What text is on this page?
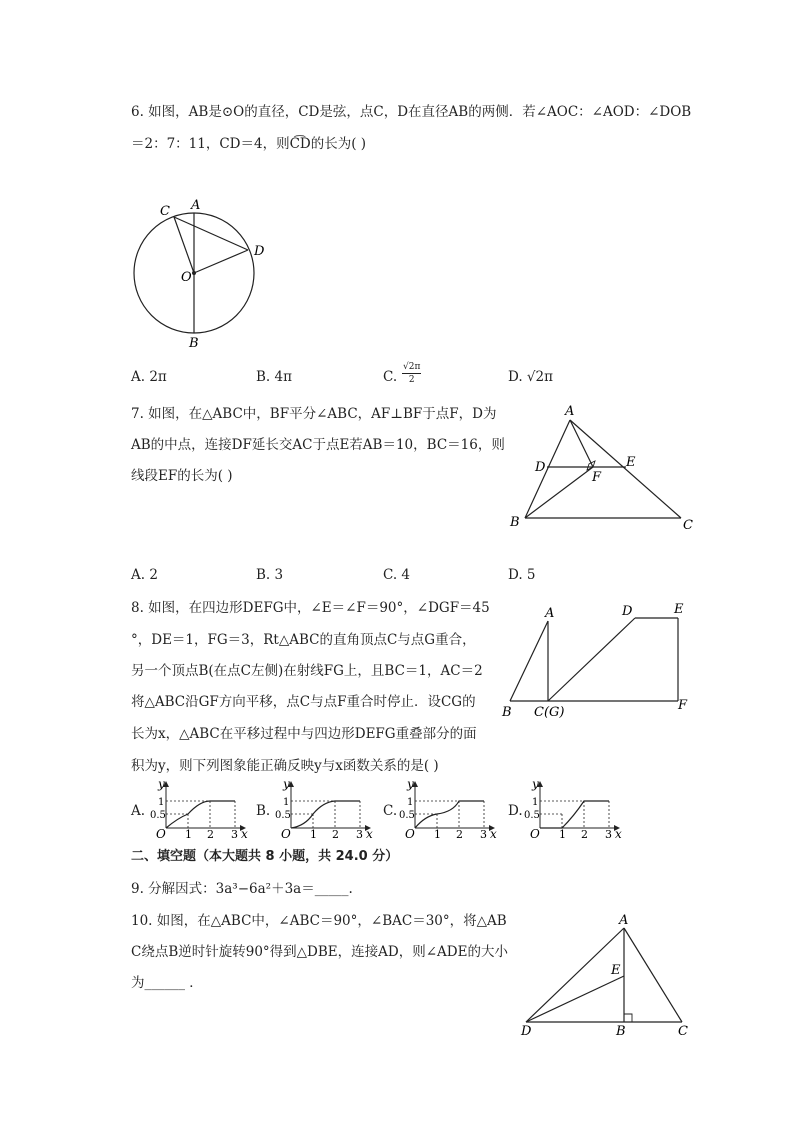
6. 如图，AB是⊙O的直径，CD是弦，点C，D在直径AB的两侧．若∠AOC：∠AOD：∠DOB
＝2：7：11，CD＝4，则C͡D的长为( )
C A
D
O
B
A. 2π	B. 4π	C. $\frac{√2\pi}{2}$	D. √2π
7. 如图，在△ABC中，BF平分∠ABC，AF⊥BF于点F，D为
AB的中点，连接DF延长交AC于点E若AB＝10，BC＝16，则
线段EF的长为( )
A
D	E
F
B	C
A. 2	B. 3	C. 4	D. 5
8. 如图，在四边形DEFG中，∠E＝∠F＝90°，∠DGF＝45
°，DE＝1，FG＝3，Rt△ABC的直角顶点C与点G重合，
另一个顶点B(在点C左侧)在射线FG上，且BC＝1，AC＝2
将△ABC沿GF方向平移，点C与点F重合时停止．设CG的
长为x，△ABC在平移过程中与四边形DEFG重叠部分的面
积为y，则下列图象能正确反映y与x函数关系的是( )
A	D	E
B C(G)	F
A.
y
x
O 1 2 3
1
0.5	B.
y
x
O 1 2 3
1
0.5	C.
y
x
O 1 2 3
1
0.5	D.
y
x
O 1 2 3
1
0.5
二、填空题（本大题共 8 小题，共 24.0 分）
9. 分解因式：3a³−6a²＋3a＝_____.
10. 如图，在△ABC中，∠ABC＝90°，∠BAC＝30°，将△AB
C绕点B逆时针旋转90°得到△DBE，连接AD，则∠ADE的大小
为______ ．
A
E
D	B	C
